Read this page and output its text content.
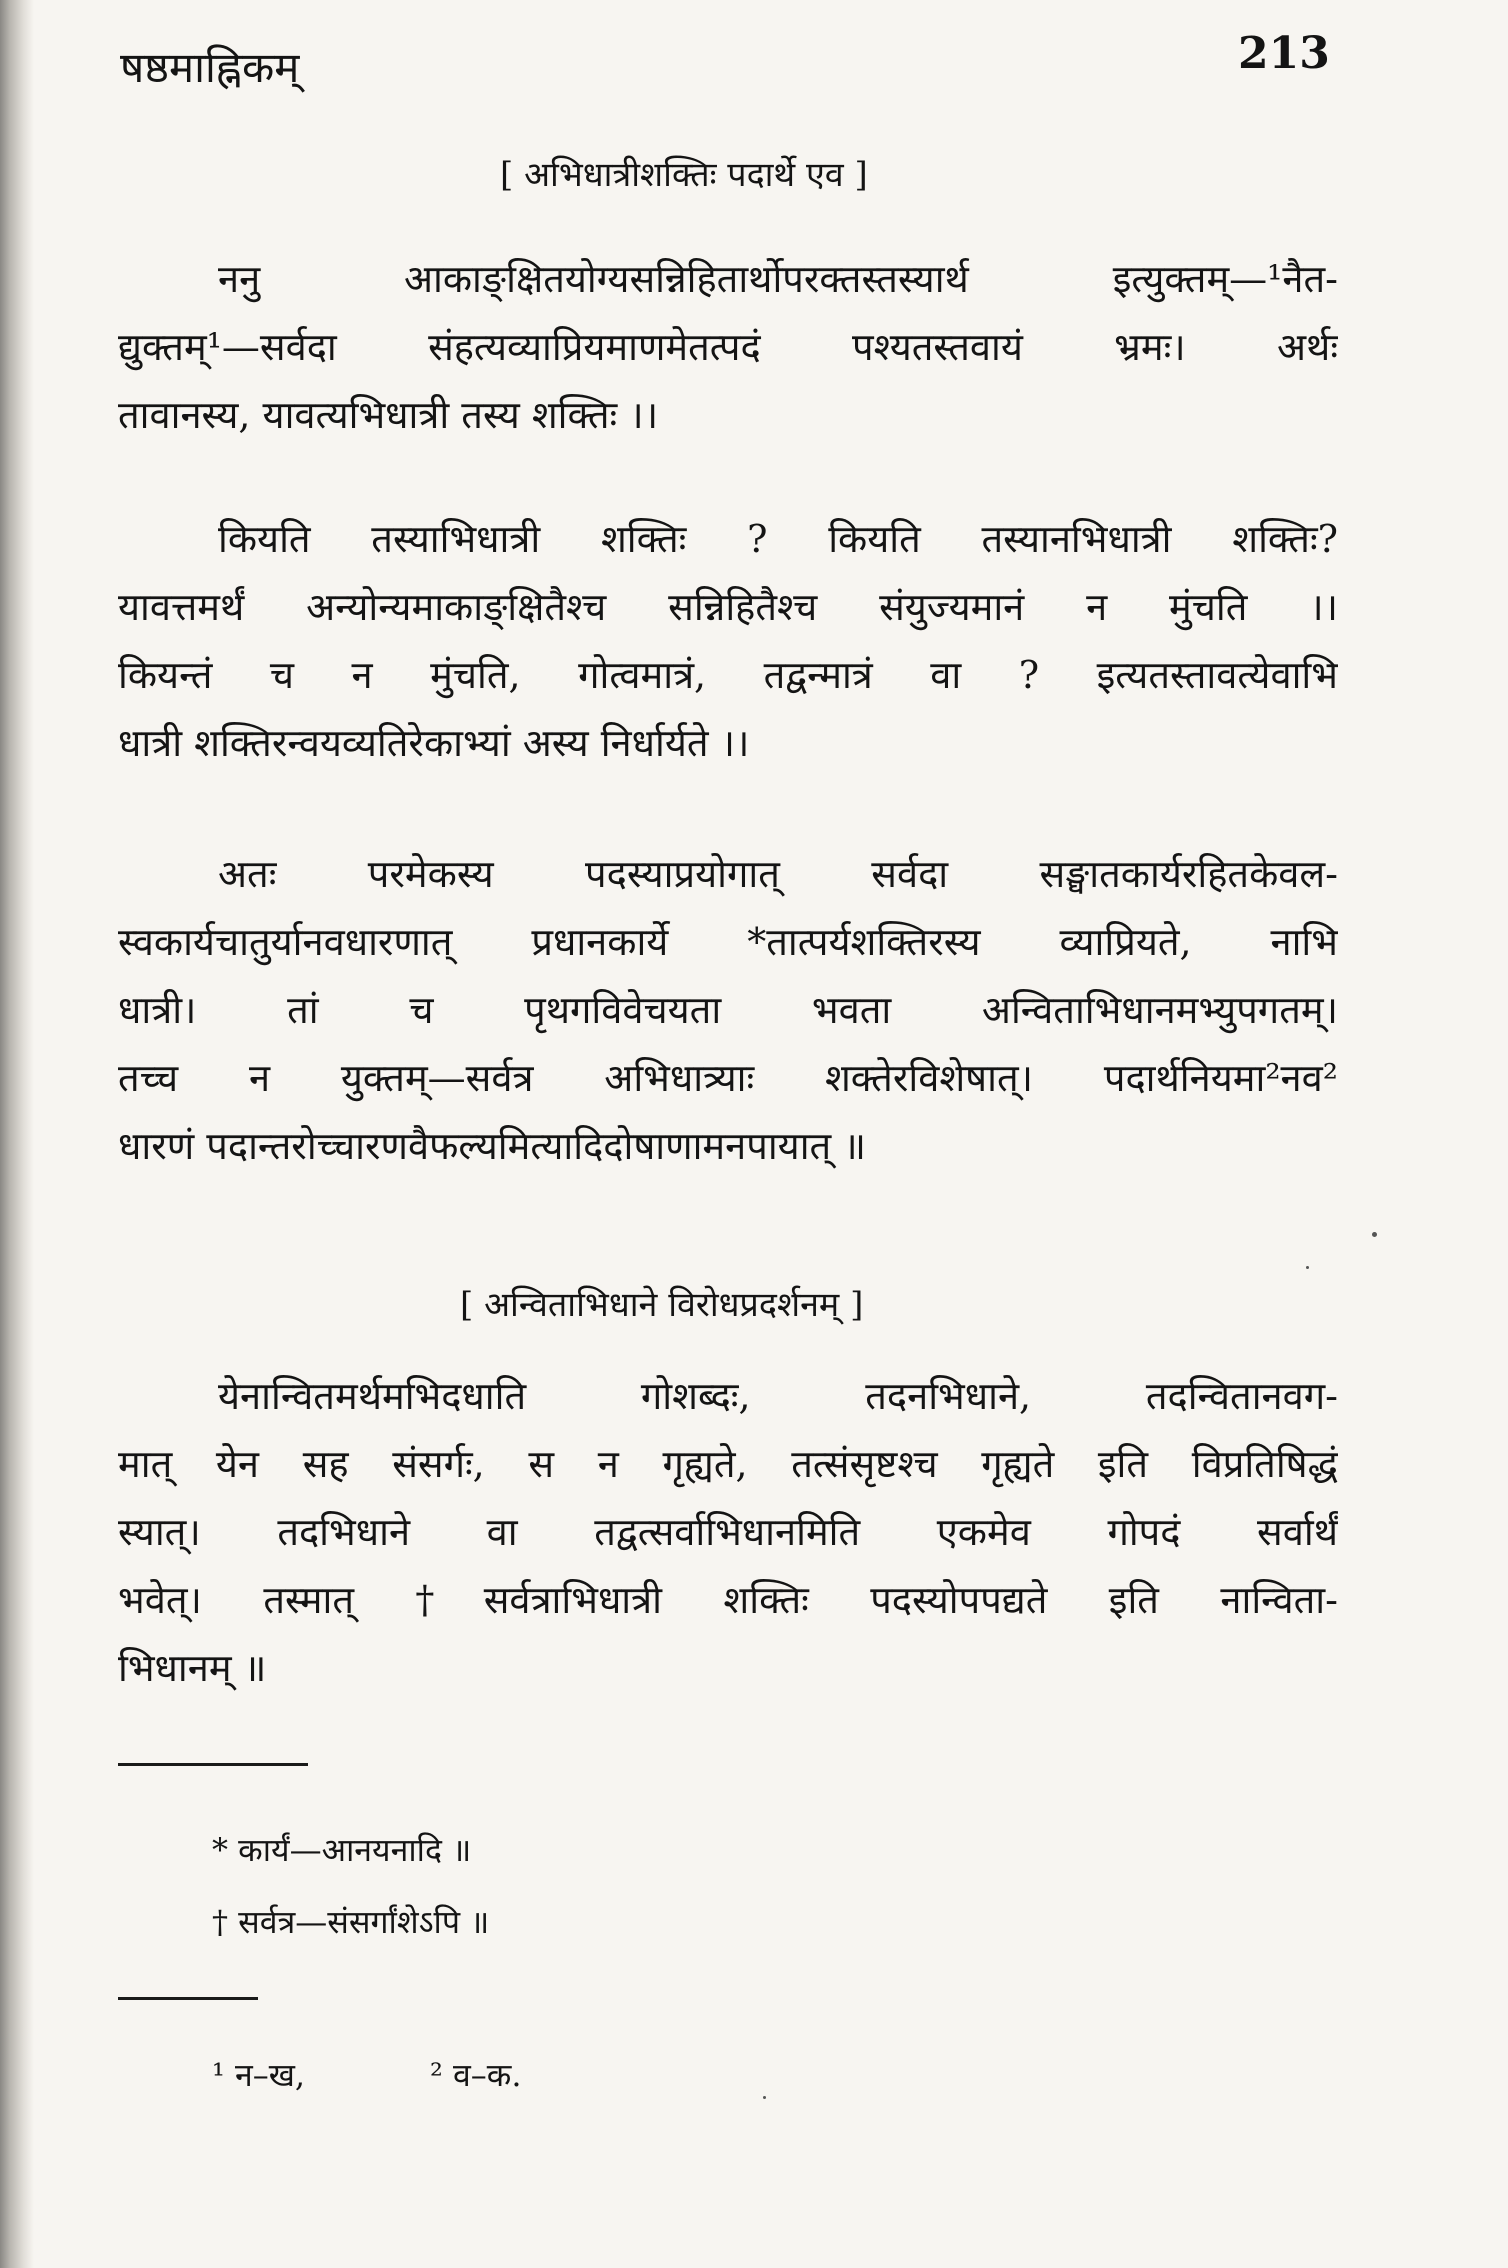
षष्ठमाह्निकम्	213
[ अभिधात्रीशक्तिः पदार्थे एव ]
ननु आकाङ्क्षितयोग्यसन्निहितार्थोपरक्तस्तस्यार्थ इत्युक्तम्—¹नैत-
द्युक्तम्¹—सर्वदा संहत्यव्याप्रियमाणमेतत्पदं पश्यतस्तवायं भ्रमः। अर्थः
तावानस्य, यावत्यभिधात्री तस्य शक्तिः ।।
कियति तस्याभिधात्री शक्तिः ? कियति तस्यानभिधात्री शक्तिः?
यावत्तमर्थं अन्योन्यमाकाङ्क्षितैश्च सन्निहितैश्च संयुज्यमानं न मुंचति ।।
कियन्तं च न मुंचति, गोत्वमात्रं, तद्वन्मात्रं वा ? इत्यतस्तावत्येवाभि
धात्री शक्तिरन्वयव्यतिरेकाभ्यां अस्य निर्धार्यते ।।
अतः परमेकस्य पदस्याप्रयोगात् सर्वदा सङ्घातकार्यरहितकेवल-
स्वकार्यचातुर्यानवधारणात् प्रधानकार्ये *तात्पर्यशक्तिरस्य व्याप्रियते, नाभि
धात्री। तां च पृथगविवेचयता भवता अन्विताभिधानमभ्युपगतम्।
तच्च न युक्तम्—सर्वत्र अभिधात्र्याः शक्तेरविशेषात्। पदार्थनियमा²नव²
धारणं पदान्तरोच्चारणवैफल्यमित्यादिदोषाणामनपायात् ॥
[ अन्विताभिधाने विरोधप्रदर्शनम् ]
येनान्वितमर्थमभिदधाति गोशब्दः, तदनभिधाने, तदन्वितानवग-
मात् येन सह संसर्गः, स न गृह्यते, तत्संसृष्टश्च गृह्यते इति विप्रतिषिद्धं
स्यात्। तदभिधाने वा तद्वत्सर्वाभिधानमिति एकमेव गोपदं सर्वार्थं
भवेत्। तस्मात् †सर्वत्राभिधात्री शक्तिः पदस्योपपद्यते इति नान्विता-
भिधानम् ॥
* कार्यं—आनयनादि ॥
† सर्वत्र—संसर्गांशेऽपि ॥
¹ न–ख,	² व–क.
